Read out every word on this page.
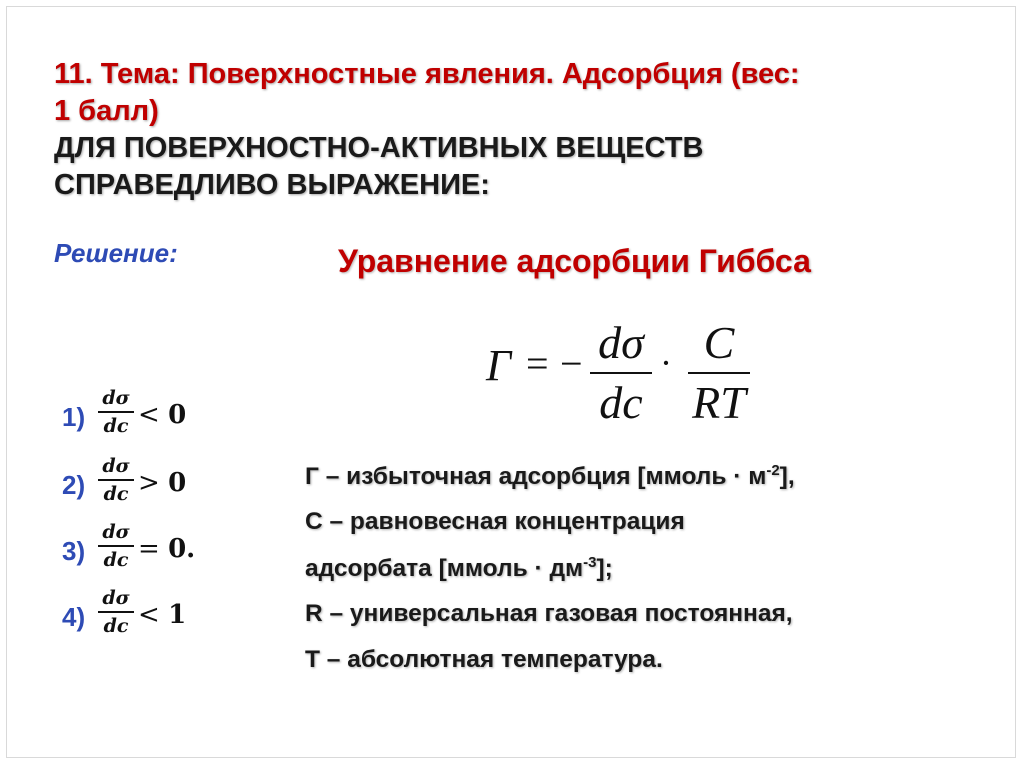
11. Тема: Поверхностные явления. Адсорбция (вес:
1 балл)
ДЛЯ ПОВЕРХНОСТНО-АКТИВНЫХ ВЕЩЕСТВ
СПРАВЕДЛИВО ВЫРАЖЕНИЕ:
Решение:	Уравнение адсорбции Гиббса
Γ = − dσ
dc
· C
RT
1)
dσ
dc < 0
2)
dσ
dc > 0
3)
dσ
dc = 0.
4)
dσ
dc < 1
Г – избыточная адсорбция [ммоль · $м^{-2}$],
С – равновесная концентрация
адсорбата [ммоль · $дм^{-3}$];
R – универсальная газовая постоянная,
Т – абсолютная температура.
